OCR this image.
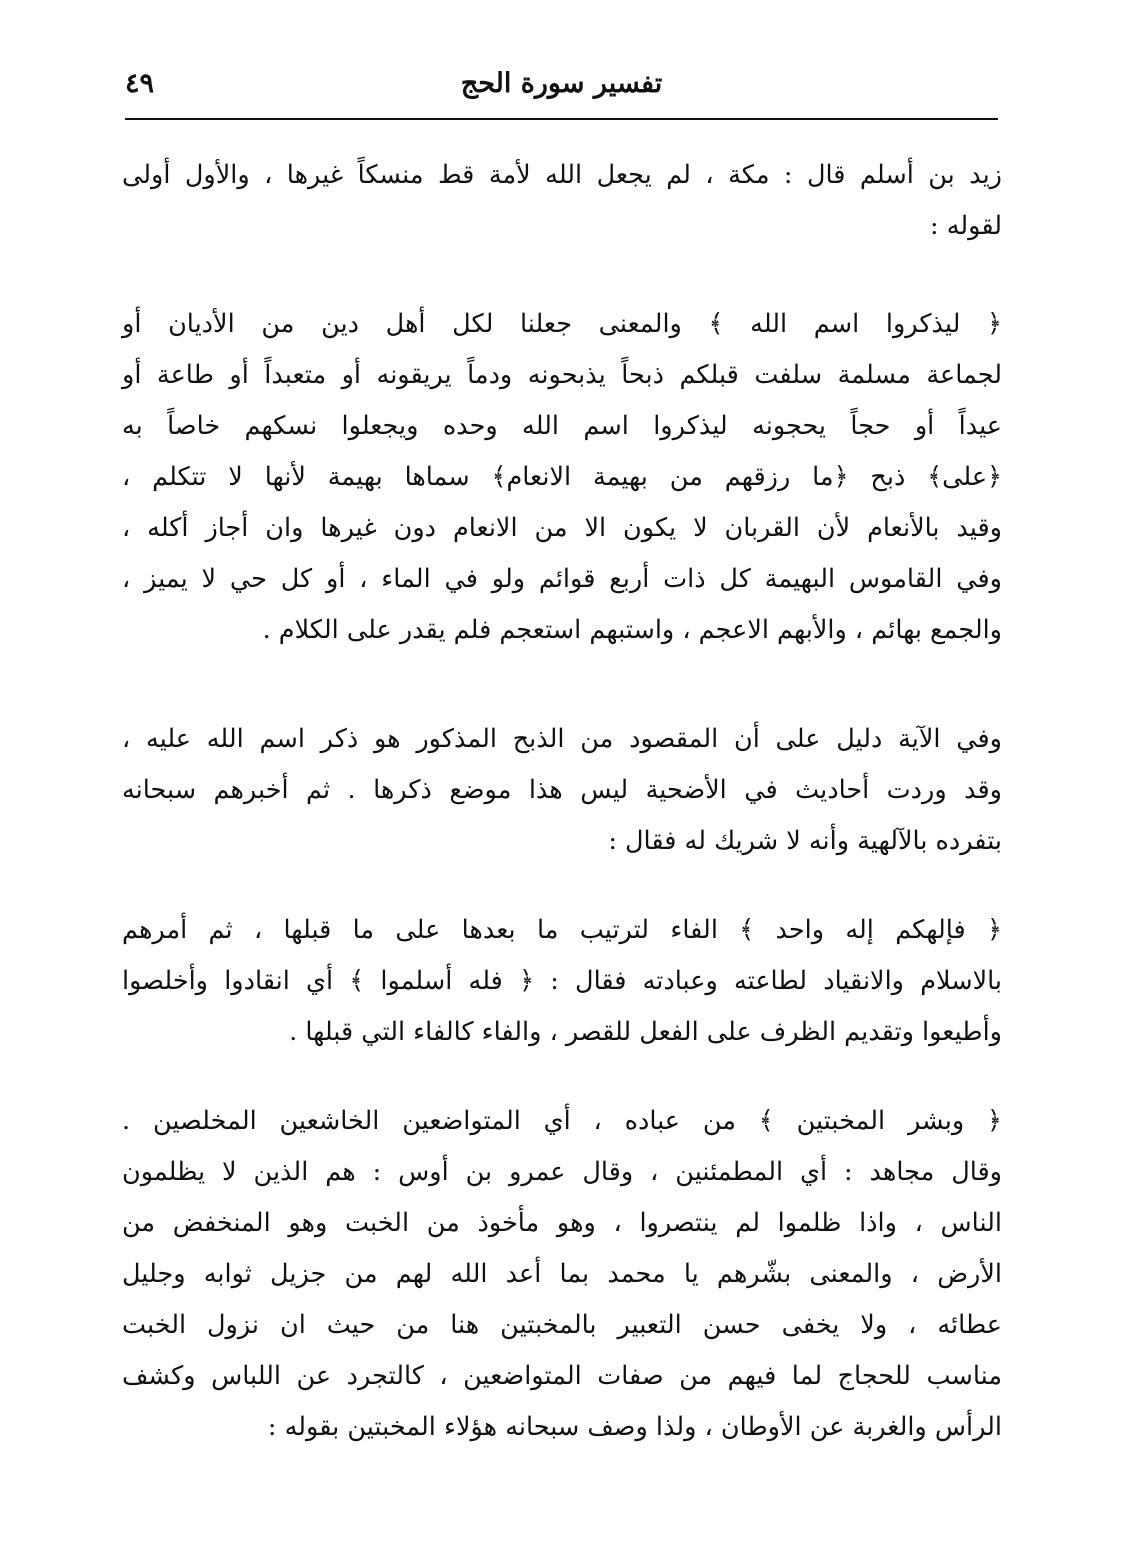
تفسير سورة الحج
٤٩
زيد بن أسلم قال : مكة ، لم يجعل الله لأمة قط منسكاً غيرها ، والأول أولى
لقوله :
﴿ ليذكروا اسم الله ﴾ والمعنى جعلنا لكل أهل دين من الأديان أو
لجماعة مسلمة سلفت قبلكم ذبحاً يذبحونه ودماً يريقونه أو متعبداً أو طاعة أو
عيداً أو حجاً يحجونه ليذكروا اسم الله وحده ويجعلوا نسكهم خاصاً به
﴿على﴾ ذبح ﴿ما رزقهم من بهيمة الانعام﴾ سماها بهيمة لأنها لا تتكلم ،
وقيد بالأنعام لأن القربان لا يكون الا من الانعام دون غيرها وان أجاز أكله ،
وفي القاموس البهيمة كل ذات أربع قوائم ولو في الماء ، أو كل حي لا يميز ،
والجمع بهائم ، والأبهم الاعجم ، واستبهم استعجم فلم يقدر على الكلام .
وفي الآية دليل على أن المقصود من الذبح المذكور هو ذكر اسم الله عليه ،
وقد وردت أحاديث في الأضحية ليس هذا موضع ذكرها . ثم أخبرهم سبحانه
بتفرده بالآلهية وأنه لا شريك له فقال :
﴿ فإلهكم إله واحد ﴾ الفاء لترتيب ما بعدها على ما قبلها ، ثم أمرهم
بالاسلام والانقياد لطاعته وعبادته فقال : ﴿ فله أسلموا ﴾ أي انقادوا وأخلصوا
وأطيعوا وتقديم الظرف على الفعل للقصر ، والفاء كالفاء التي قبلها .
﴿ وبشر المخبتين ﴾ من عباده ، أي المتواضعين الخاشعين المخلصين .
وقال مجاهد : أي المطمئنين ، وقال عمرو بن أوس : هم الذين لا يظلمون
الناس ، واذا ظلموا لم ينتصروا ، وهو مأخوذ من الخبت وهو المنخفض من
الأرض ، والمعنى بشّرهم يا محمد بما أعد الله لهم من جزيل ثوابه وجليل
عطائه ، ولا يخفى حسن التعبير بالمخبتين هنا من حيث ان نزول الخبت
مناسب للحجاج لما فيهم من صفات المتواضعين ، كالتجرد عن اللباس وكشف
الرأس والغربة عن الأوطان ، ولذا وصف سبحانه هؤلاء المخبتين بقوله :
